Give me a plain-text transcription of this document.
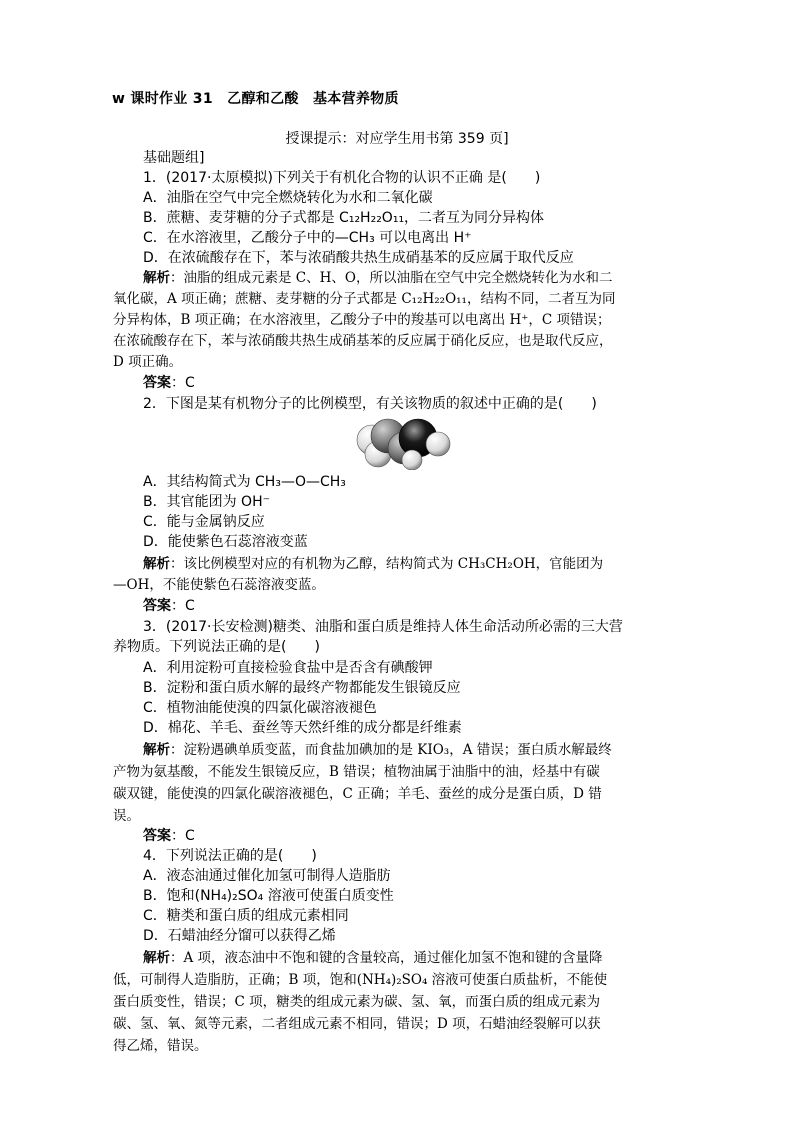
w 课时作业 31　乙醇和乙酸　基本营养物质
授课提示：对应学生用书第 359 页]
基础题组]
1．(2017·太原模拟)下列关于有机化合物的认识不正确 是(　　)
A．油脂在空气中完全燃烧转化为水和二氧化碳
B．蔗糖、麦芽糖的分子式都是 C₁₂H₂₂O₁₁，二者互为同分异构体
C．在水溶液里，乙酸分子中的—CH₃ 可以电离出 H⁺
D．在浓硫酸存在下，苯与浓硝酸共热生成硝基苯的反应属于取代反应
解析：油脂的组成元素是 C、H、O，所以油脂在空气中完全燃烧转化为水和二
氧化碳，A 项正确；蔗糖、麦芽糖的分子式都是 C₁₂H₂₂O₁₁，结构不同，二者互为同
分异构体，B 项正确；在水溶液里，乙酸分子中的羧基可以电离出 H⁺，C 项错误；
在浓硫酸存在下，苯与浓硝酸共热生成硝基苯的反应属于硝化反应，也是取代反应，
D 项正确。
答案：C
2．下图是某有机物分子的比例模型，有关该物质的叙述中正确的是(　　)
A．其结构简式为 CH₃—O—CH₃
B．其官能团为 OH⁻
C．能与金属钠反应
D．能使紫色石蕊溶液变蓝
解析：该比例模型对应的有机物为乙醇，结构简式为 CH₃CH₂OH，官能团为
—OH，不能使紫色石蕊溶液变蓝。
答案：C
3．(2017·长安检测)糖类、油脂和蛋白质是维持人体生命活动所必需的三大营
养物质。下列说法正确的是(　　)
A．利用淀粉可直接检验食盐中是否含有碘酸钾
B．淀粉和蛋白质水解的最终产物都能发生银镜反应
C．植物油能使溴的四氯化碳溶液褪色
D．棉花、羊毛、蚕丝等天然纤维的成分都是纤维素
解析：淀粉遇碘单质变蓝，而食盐加碘加的是 KIO₃，A 错误；蛋白质水解最终
产物为氨基酸，不能发生银镜反应，B 错误；植物油属于油脂中的油，烃基中有碳
碳双键，能使溴的四氯化碳溶液褪色，C 正确；羊毛、蚕丝的成分是蛋白质，D 错
误。
答案：C
4．下列说法正确的是(　　)
A．液态油通过催化加氢可制得人造脂肪
B．饱和(NH₄)₂SO₄ 溶液可使蛋白质变性
C．糖类和蛋白质的组成元素相同
D．石蜡油经分馏可以获得乙烯
解析：A 项，液态油中不饱和键的含量较高，通过催化加氢不饱和键的含量降
低，可制得人造脂肪，正确；B 项，饱和(NH₄)₂SO₄ 溶液可使蛋白质盐析，不能使
蛋白质变性，错误；C 项，糖类的组成元素为碳、氢、氧，而蛋白质的组成元素为
碳、氢、氧、氮等元素，二者组成元素不相同，错误；D 项，石蜡油经裂解可以获
得乙烯，错误。
